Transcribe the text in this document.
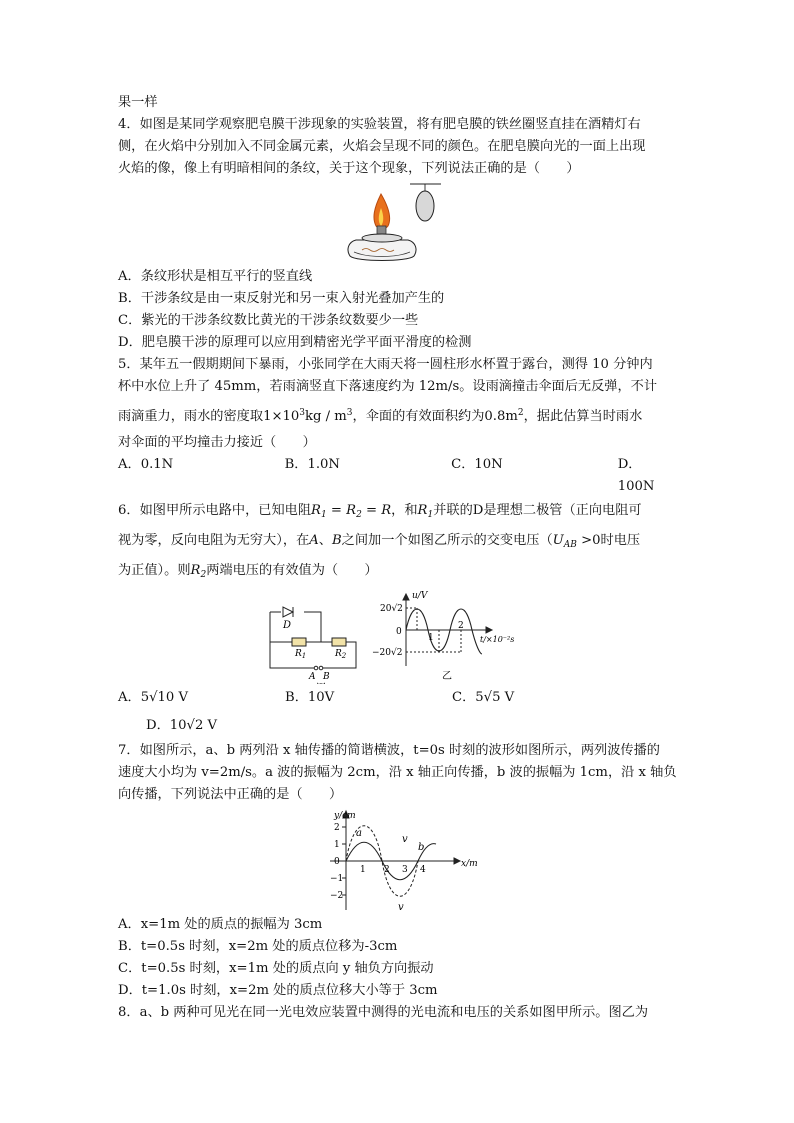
果一样

4．如图是某同学观察肥皂膜干涉现象的实验装置，将有肥皂膜的铁丝圈竖直挂在酒精灯右

侧，在火焰中分别加入不同金属元素，火焰会呈现不同的颜色。在肥皂膜向光的一面上出现

火焰的像，像上有明暗相间的条纹，关于这个现象，下列说法正确的是（　　）

A．条纹形状是相互平行的竖直线

B．干涉条纹是由一束反射光和另一束入射光叠加产生的

C．紫光的干涉条纹数比黄光的干涉条纹数要少一些

D．肥皂膜干涉的原理可以应用到精密光学平面平滑度的检测

5．某年五一假期期间下暴雨，小张同学在大雨天将一圆柱形水杯置于露台，测得 10 分钟内

杯中水位上升了 45mm，若雨滴竖直下落速度约为 12m/s。设雨滴撞击伞面后无反弹，不计

雨滴重力，雨水的密度取$1\times 10^3kg / m^3$，伞面的有效面积约为$0.8m^2$，据此估算当时雨水

对伞面的平均撞击力接近（　　）

A．0.1N	B．1.0N	C．10N	D．100N

6．如图甲所示电路中，已知电阻$R_1 = R_2 = R$，和$R_1$并联的D是理想二极管（正向电阻可

视为零，反向电阻为无穷大），在A、B之间加一个如图乙所示的交变电压（$U_{AB} >0$时电压

为正值）。则$R_2$两端电压的有效值为（　　）

D
$R_1$	$R_2$
A B
u/V
20√2
0
−20√2
1
2
t/×10⁻²s
乙
A．5√10 V	B．10V	C．5√5 V

D．10√2 V

7．如图所示，a、b 两列沿 x 轴传播的简谐横波，t=0s 时刻的波形如图所示，两列波传播的

速度大小均为 v=2m/s。a 波的振幅为 2cm，沿 x 轴正向传播，b 波的振幅为 1cm，沿 x 轴负

向传播，下列说法中正确的是（　　）

y/cm
x/m
2
1
0
−1
−2
1 2 3 4
a
b
v
v

A．x=1m 处的质点的振幅为 3cm

B．t=0.5s 时刻，x=2m 处的质点位移为-3cm

C．t=0.5s 时刻，x=1m 处的质点向 y 轴负方向振动

D．t=1.0s 时刻，x=2m 处的质点位移大小等于 3cm

8．a、b 两种可见光在同一光电效应装置中测得的光电流和电压的关系如图甲所示。图乙为
